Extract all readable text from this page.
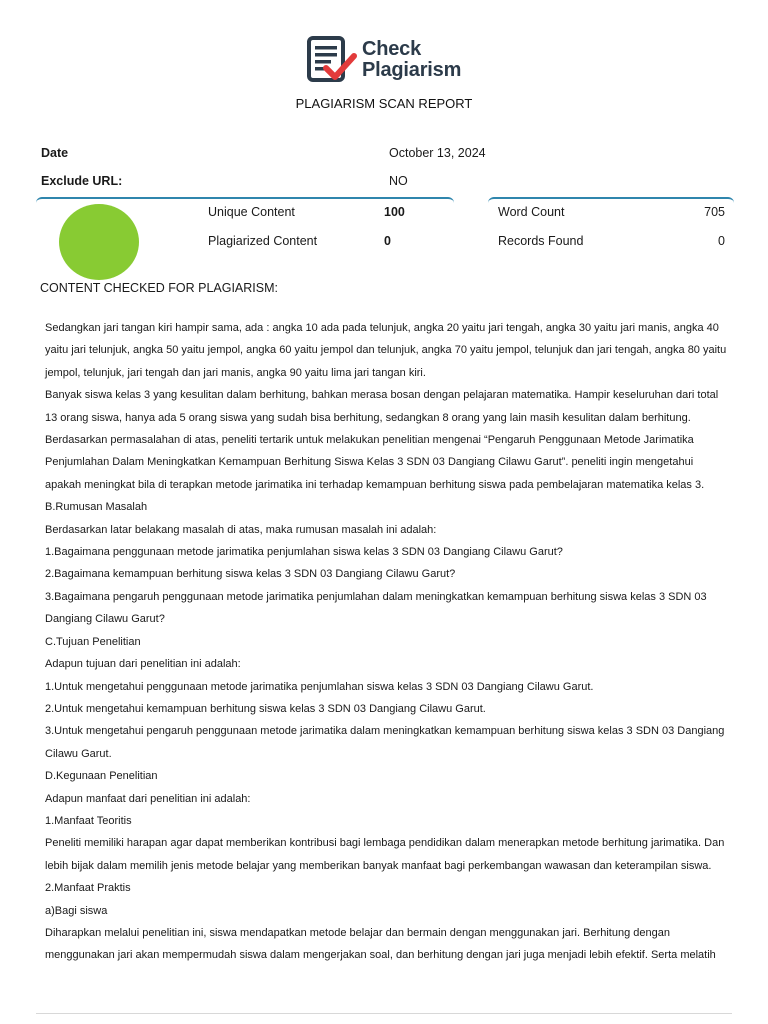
Check
Plagiarism
PLAGIARISM SCAN REPORT
Date	October 13, 2024
Exclude URL:	NO
Unique Content	100
Plagiarized Content	0
Word Count	705
Records Found	0
CONTENT CHECKED FOR PLAGIARISM:

Sedangkan jari tangan kiri hampir sama, ada : angka 10 ada pada telunjuk, angka 20 yaitu jari tengah, angka 30 yaitu jari manis, angka 40 yaitu jari telunjuk, angka 50 yaitu jempol, angka 60 yaitu jempol dan telunjuk, angka 70 yaitu jempol, telunjuk dan jari tengah, angka 80 yaitu jempol, telunjuk, jari tengah dan jari manis, angka 90 yaitu lima jari tangan kiri.

Banyak siswa kelas 3 yang kesulitan dalam berhitung, bahkan merasa bosan dengan pelajaran matematika. Hampir keseluruhan dari total 13 orang siswa, hanya ada 5 orang siswa yang sudah bisa berhitung, sedangkan 8 orang yang lain masih kesulitan dalam berhitung.

Berdasarkan permasalahan di atas, peneliti tertarik untuk melakukan penelitian mengenai “Pengaruh Penggunaan Metode Jarimatika Penjumlahan Dalam Meningkatkan Kemampuan Berhitung Siswa Kelas 3 SDN 03 Dangiang Cilawu Garut”. peneliti ingin mengetahui apakah meningkat bila di terapkan metode jarimatika ini terhadap kemampuan berhitung siswa pada pembelajaran matematika kelas 3.

B.Rumusan Masalah

Berdasarkan latar belakang masalah di atas, maka rumusan masalah ini adalah:

1.Bagaimana penggunaan metode jarimatika penjumlahan siswa kelas 3 SDN 03 Dangiang Cilawu Garut?

2.Bagaimana kemampuan berhitung siswa kelas 3 SDN 03 Dangiang Cilawu Garut?

3.Bagaimana pengaruh penggunaan metode jarimatika penjumlahan dalam meningkatkan kemampuan berhitung siswa kelas 3 SDN 03 Dangiang Cilawu Garut?

C.Tujuan Penelitian

Adapun tujuan dari penelitian ini adalah:

1.Untuk mengetahui penggunaan metode jarimatika penjumlahan siswa kelas 3 SDN 03 Dangiang Cilawu Garut.

2.Untuk mengetahui kemampuan berhitung siswa kelas 3 SDN 03 Dangiang Cilawu Garut.

3.Untuk mengetahui pengaruh penggunaan metode jarimatika dalam meningkatkan kemampuan berhitung siswa kelas 3 SDN 03 Dangiang Cilawu Garut.

D.Kegunaan Penelitian

Adapun manfaat dari penelitian ini adalah:

1.Manfaat Teoritis

Peneliti memiliki harapan agar dapat memberikan kontribusi bagi lembaga pendidikan dalam menerapkan metode berhitung jarimatika. Dan lebih bijak dalam memilih jenis metode belajar yang memberikan banyak manfaat bagi perkembangan wawasan dan keterampilan siswa.

2.Manfaat Praktis

a)Bagi siswa

Diharapkan melalui penelitian ini, siswa mendapatkan metode belajar dan bermain dengan menggunakan jari. Berhitung dengan menggunakan jari akan mempermudah siswa dalam mengerjakan soal, dan berhitung dengan jari juga menjadi lebih efektif. Serta melatih
